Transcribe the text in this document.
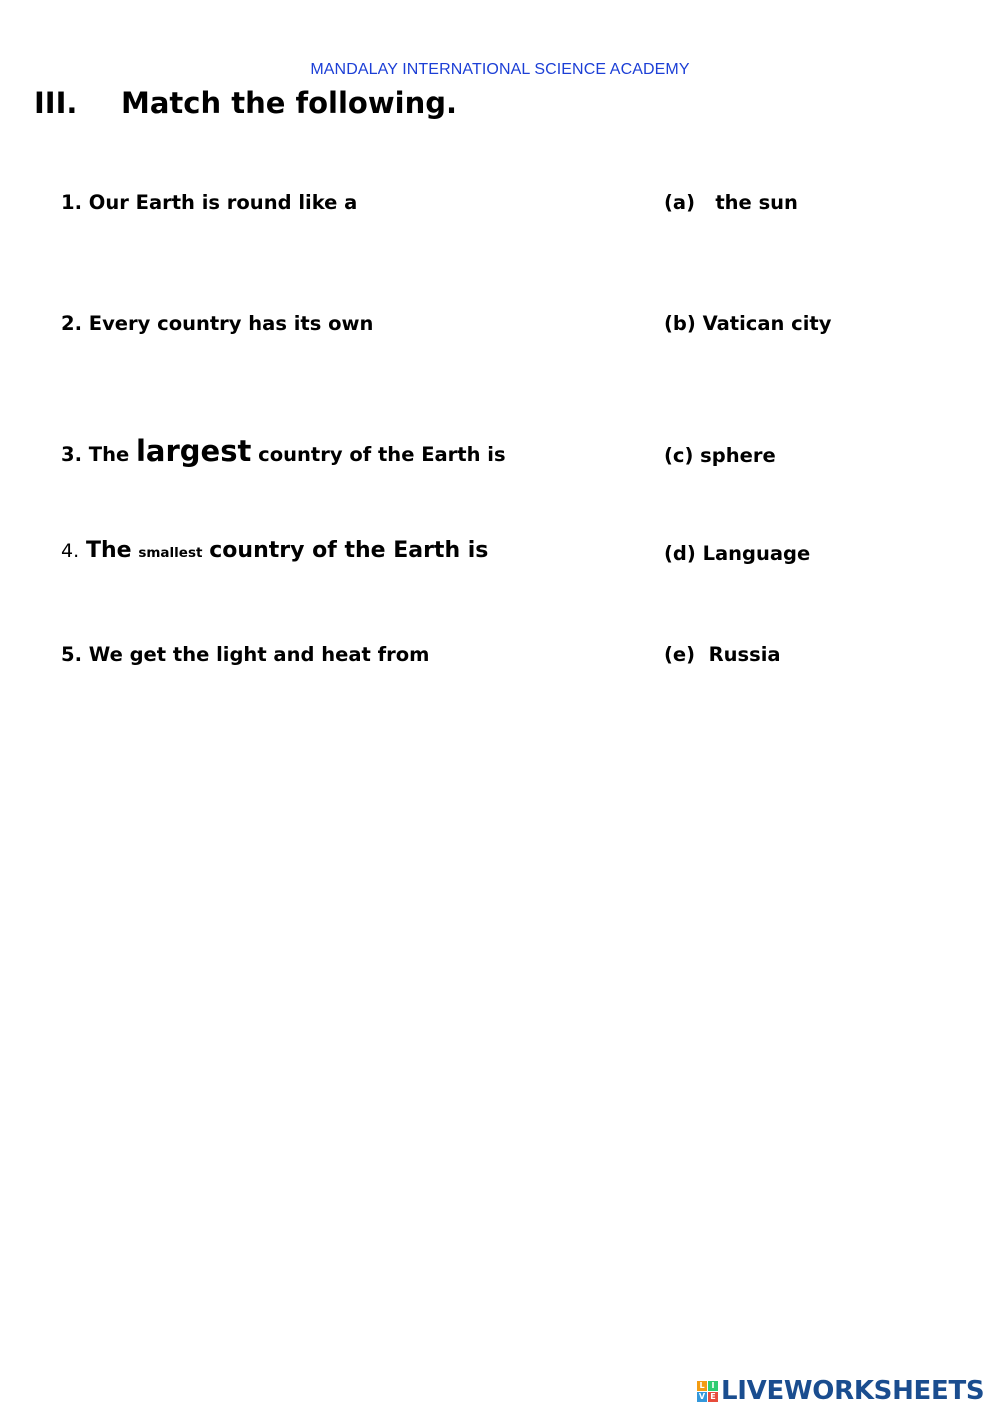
MANDALAY INTERNATIONAL SCIENCE ACADEMY
III. Match the following.
1. Our Earth is round like a
2. Every country has its own
3. The largest country of the Earth is
4. The smallest country of the Earth is
5. We get the light and heat from
(a)   the sun
(b) Vatican city
(c) sphere
(d) Language
(e)  Russia
L I
V E LIVEWORKSHEETS
